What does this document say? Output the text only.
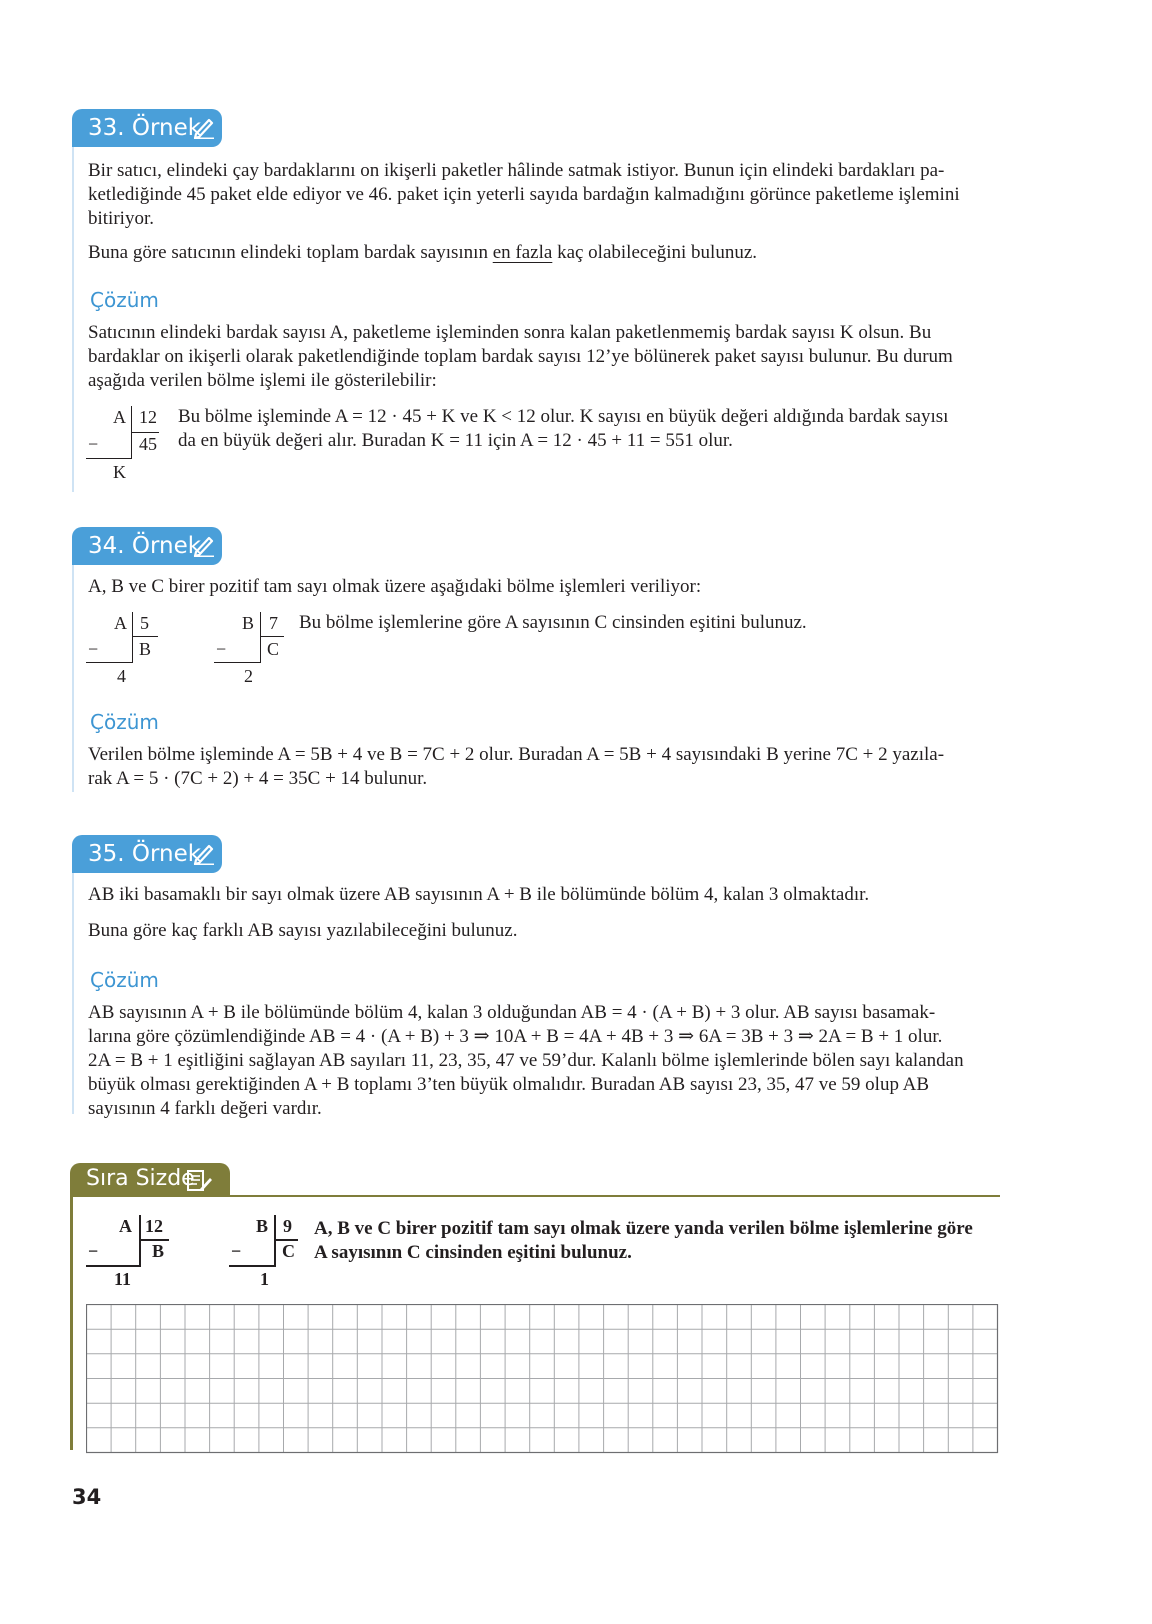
33. Örnek

Bir satıcı, elindeki çay bardaklarını on ikişerli paketler hâlinde satmak istiyor. Bunun için elindeki bardakları pa-

ketlediğinde 45 paket elde ediyor ve 46. paket için yeterli sayıda bardağın kalmadığını görünce paketleme işlemini

bitiriyor.

Buna göre satıcının elindeki toplam bardak sayısının en fazla kaç olabileceğini bulunuz.

Çözüm

Satıcının elindeki bardak sayısı A, paketleme işleminden sonra kalan paketlenmemiş bardak sayısı K olsun. Bu

bardaklar on ikişerli olarak paketlendiğinde toplam bardak sayısı 12’ye bölünerek paket sayısı bulunur. Bu durum

aşağıda verilen bölme işlemi ile gösterilebilir:

A 12
− 45
K

Bu bölme işleminde A = 12 · 45 + K ve K < 12 olur. K sayısı en büyük değeri aldığında bardak sayısı

da en büyük değeri alır. Buradan K = 11 için A = 12 · 45 + 11 = 551 olur.

34. Örnek

A, B ve C birer pozitif tam sayı olmak üzere aşağıdaki bölme işlemleri veriliyor:

A 5
− B
4
B 7
− C
2

Bu bölme işlemlerine göre A sayısının C cinsinden eşitini bulunuz.

Çözüm

Verilen bölme işleminde A = 5B + 4 ve B = 7C + 2 olur. Buradan A = 5B + 4 sayısındaki B yerine 7C + 2 yazıla-

rak A = 5 · (7C + 2) + 4 = 35C + 14 bulunur.

35. Örnek

AB iki basamaklı bir sayı olmak üzere AB sayısının A + B ile bölümünde bölüm 4, kalan 3 olmaktadır.

Buna göre kaç farklı AB sayısı yazılabileceğini bulunuz.

Çözüm

AB sayısının A + B ile bölümünde bölüm 4, kalan 3 olduğundan AB = 4 · (A + B) + 3 olur. AB sayısı basamak-

larına göre çözümlendiğinde AB = 4 · (A + B) + 3 ⇒ 10A + B = 4A + 4B + 3 ⇒ 6A = 3B + 3 ⇒ 2A = B + 1 olur.

2A = B + 1 eşitliğini sağlayan AB sayıları 11, 23, 35, 47 ve 59’dur. Kalanlı bölme işlemlerinde bölen sayı kalandan

büyük olması gerektiğinden A + B toplamı 3’ten büyük olmalıdır. Buradan AB sayısı 23, 35, 47 ve 59 olup AB

sayısının 4 farklı değeri vardır.

Sıra Sizde
A 12
−	B
11
B 9
− C
1

A, B ve C birer pozitif tam sayı olmak üzere yanda verilen bölme işlemlerine göre

A sayısının C cinsinden eşitini bulunuz.

34
